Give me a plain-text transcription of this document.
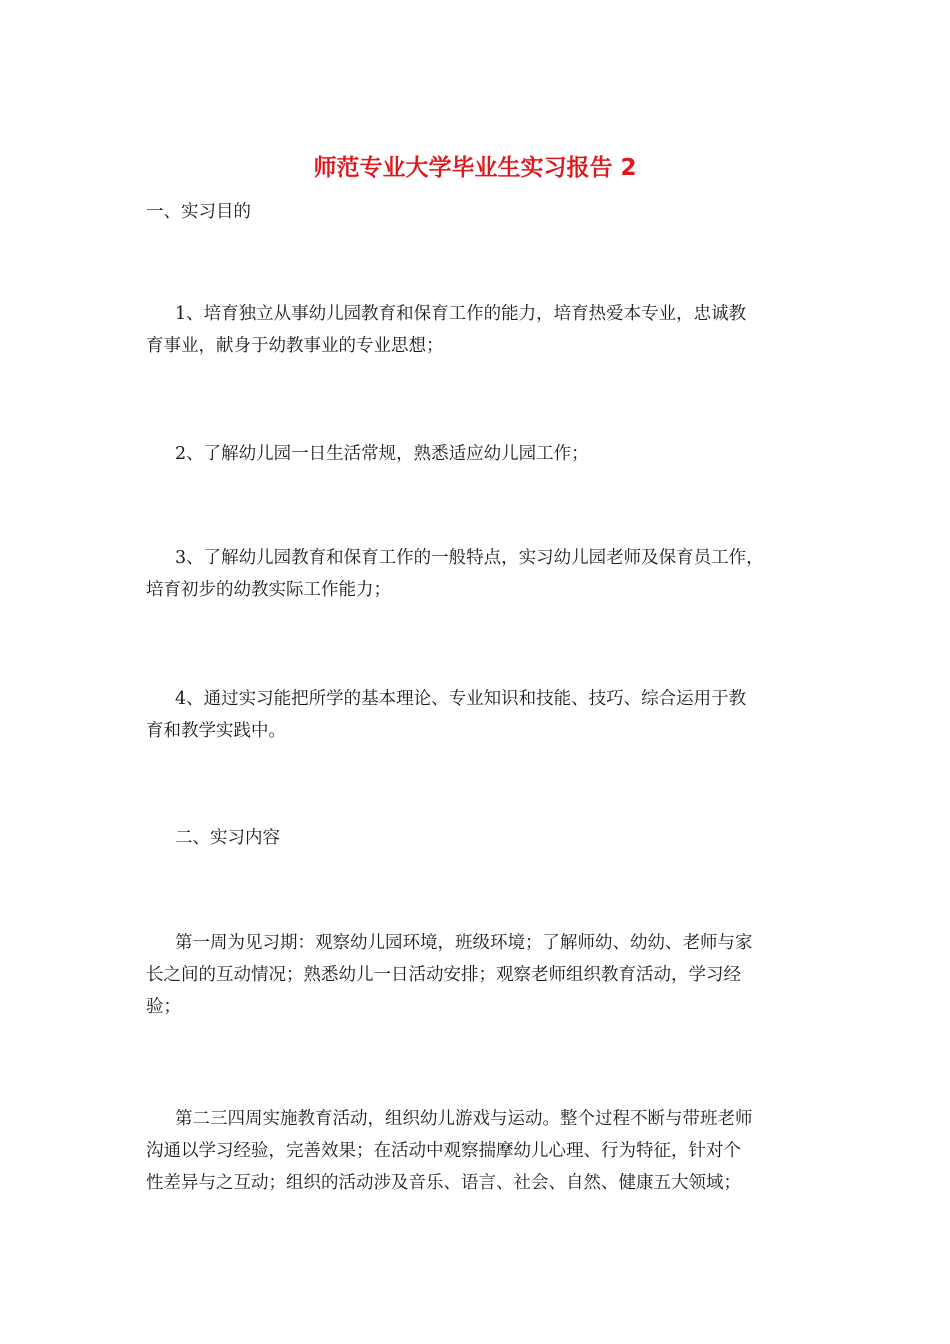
师范专业大学毕业生实习报告 2

一、实习目的

1、培育独立从事幼儿园教育和保育工作的能力，培育热爱本专业，忠诚教
育事业，献身于幼教事业的专业思想；

2、了解幼儿园一日生活常规，熟悉适应幼儿园工作；

3、了解幼儿园教育和保育工作的一般特点，实习幼儿园老师及保育员工作，
培育初步的幼教实际工作能力；

4、通过实习能把所学的基本理论、专业知识和技能、技巧、综合运用于教
育和教学实践中。

二、实习内容

第一周为见习期：观察幼儿园环境，班级环境；了解师幼、幼幼、老师与家
长之间的互动情况；熟悉幼儿一日活动安排；观察老师组织教育活动，学习经
验；

第二三四周实施教育活动，组织幼儿游戏与运动。整个过程不断与带班老师
沟通以学习经验，完善效果；在活动中观察揣摩幼儿心理、行为特征，针对个
性差异与之互动；组织的活动涉及音乐、语言、社会、自然、健康五大领域；
